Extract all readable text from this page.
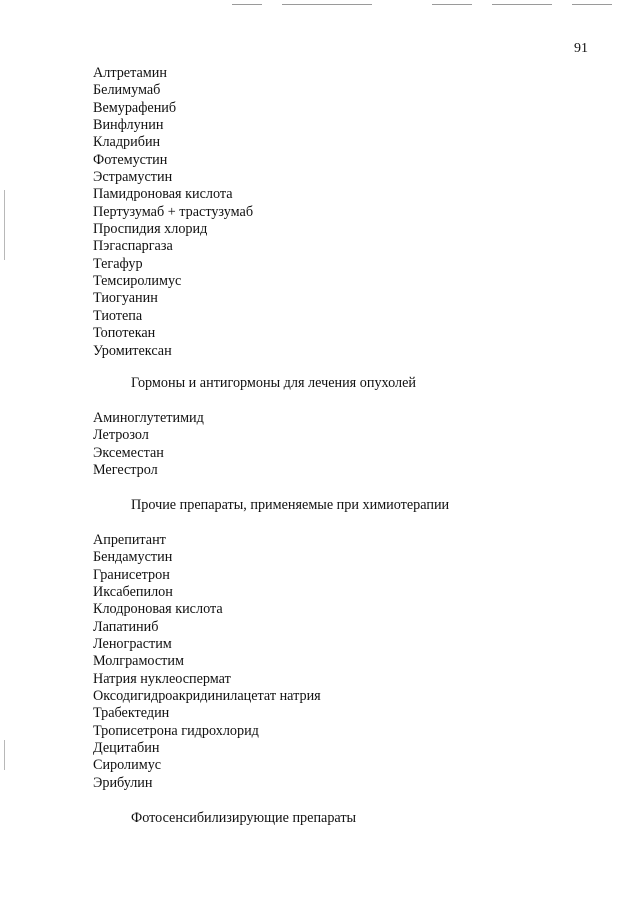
91
Алтретамин
Белимумаб
Вемурафениб
Винфлунин
Кладрибин
Фотемустин
Эстрамустин
Памидроновая кислота
Пертузумаб + трастузумаб
Проспидия хлорид
Пэгаспаргаза
Тегафур
Темсиролимус
Тиогуанин
Тиотепа
Топотекан
Уромитексан
Гормоны и антигормоны для лечения опухолей
Аминоглутетимид
Летрозол
Эксеместан
Мегестрол
Прочие препараты, применяемые при химиотерапии
Апрепитант
Бендамустин
Гранисетрон
Иксабепилон
Клодроновая кислота
Лапатиниб
Ленограстим
Молграмостим
Натрия нуклеоспермат
Оксодигидроакридинилацетат натрия
Трабектедин
Трописетрона гидрохлорид
Децитабин
Сиролимус
Эрибулин
Фотосенсибилизирующие препараты
